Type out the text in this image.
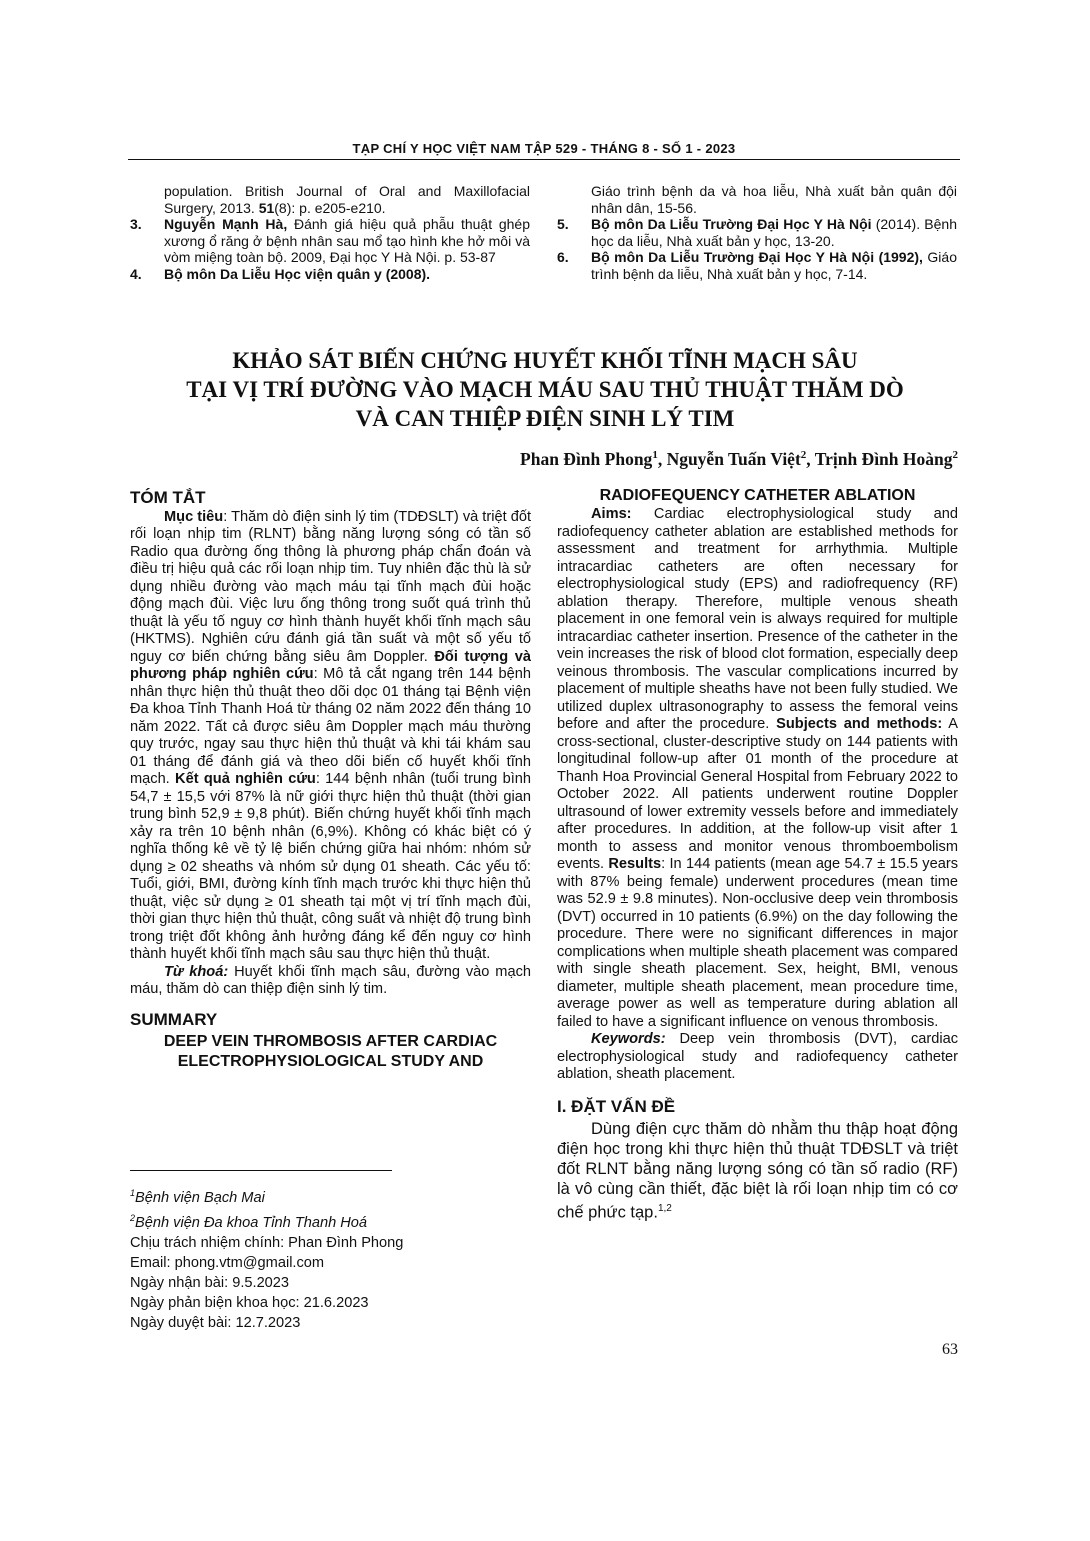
TẠP CHÍ Y HỌC VIỆT NAM TẬP 529 - THÁNG 8 - SỐ 1 - 2023

population. British Journal of Oral and Maxillofacial Surgery, 2013. 51(8): p. e205-e210.

3. Nguyễn Mạnh Hà, Đánh giá hiệu quả phẫu thuật ghép xương ổ răng ở bệnh nhân sau mổ tạo hình khe hở môi và vòm miệng toàn bộ. 2009, Đại học Y Hà Nội. p. 53-87

4. Bộ môn Da Liễu Học viện quân y (2008).

Giáo trình bệnh da và hoa liễu, Nhà xuất bản quân đội nhân dân, 15-56.

5. Bộ môn Da Liễu Trường Đại Học Y Hà Nội (2014). Bệnh học da liễu, Nhà xuất bản y học, 13-20.

6. Bộ môn Da Liễu Trường Đại Học Y Hà Nội (1992), Giáo trình bệnh da liễu, Nhà xuất bản y học, 7-14.

KHẢO SÁT BIẾN CHỨNG HUYẾT KHỐI TĨNH MẠCH SÂU
TẠI VỊ TRÍ ĐƯỜNG VÀO MẠCH MÁU SAU THỦ THUẬT THĂM DÒ
VÀ CAN THIỆP ĐIỆN SINH LÝ TIM
Phan Đình Phong$^1$, Nguyễn Tuấn Việt$^2$, Trịnh Đình Hoàng$^2$

TÓM TẮT

Mục tiêu: Thăm dò điện sinh lý tim (TDĐSLT) và triệt đốt rối loạn nhịp tim (RLNT) bằng năng lượng sóng có tần số Radio qua đường ống thông là phương pháp chẩn đoán và điều trị hiệu quả các rối loạn nhịp tim. Tuy nhiên đặc thù là sử dụng nhiều đường vào mạch máu tại tĩnh mạch đùi hoặc động mạch đùi. Việc lưu ống thông trong suốt quá trình thủ thuật là yếu tố nguy cơ hình thành huyết khối tĩnh mạch sâu (HKTMS). Nghiên cứu đánh giá tần suất và một số yếu tố nguy cơ biến chứng bằng siêu âm Doppler. Đối tượng và phương pháp nghiên cứu: Mô tả cắt ngang trên 144 bệnh nhân thực hiện thủ thuật theo dõi dọc 01 tháng tại Bệnh viện Đa khoa Tỉnh Thanh Hoá từ tháng 02 năm 2022 đến tháng 10 năm 2022. Tất cả được siêu âm Doppler mạch máu thường quy trước, ngay sau thực hiện thủ thuật và khi tái khám sau 01 tháng để đánh giá và theo dõi biến cố huyết khối tĩnh mạch. Kết quả nghiên cứu: 144 bệnh nhân (tuổi trung bình 54,7 ± 15,5 với 87% là nữ giới thực hiện thủ thuật (thời gian trung bình 52,9 ± 9,8 phút). Biến chứng huyết khối tĩnh mạch xảy ra trên 10 bệnh nhân (6,9%). Không có khác biệt có ý nghĩa thống kê về tỷ lệ biến chứng giữa hai nhóm: nhóm sử dụng ≥ 02 sheaths và nhóm sử dụng 01 sheath. Các yếu tố: Tuổi, giới, BMI, đường kính tĩnh mạch trước khi thực hiện thủ thuật, việc sử dụng ≥ 01 sheath tại một vị trí tĩnh mạch đùi, thời gian thực hiện thủ thuật, công suất và nhiệt độ trung bình trong triệt đốt không ảnh hưởng đáng kể đến nguy cơ hình thành huyết khối tĩnh mạch sâu sau thực hiện thủ thuật.

Từ khoá: Huyết khối tĩnh mạch sâu, đường vào mạch máu, thăm dò can thiệp điện sinh lý tim.

SUMMARY

DEEP VEIN THROMBOSIS AFTER CARDIAC

ELECTROPHYSIOLOGICAL STUDY AND

$^1$Bệnh viện Bạch Mai
$^2$Bệnh viện Đa khoa Tỉnh Thanh Hoá
Chịu trách nhiệm chính: Phan Đình Phong
Email: phong.vtm@gmail.com
Ngày nhận bài: 9.5.2023
Ngày phản biện khoa học: 21.6.2023
Ngày duyệt bài: 12.7.2023

RADIOFEQUENCY CATHETER ABLATION

Aims: Cardiac electrophysiological study and radiofequency catheter ablation are established methods for assessment and treatment for arrhythmia. Multiple intracardiac catheters are often necessary for electrophysiological study (EPS) and radiofrequency (RF) ablation therapy. Therefore, multiple venous sheath placement in one femoral vein is always required for multiple intracardiac catheter insertion. Presence of the catheter in the vein increases the risk of blood clot formation, especially deep veinous thrombosis. The vascular complications incurred by placement of multiple sheaths have not been fully studied. We utilized duplex ultrasonography to assess the femoral veins before and after the procedure. Subjects and methods: A cross-sectional, cluster-descriptive study on 144 patients with longitudinal follow-up after 01 month of the procedure at Thanh Hoa Provincial General Hospital from February 2022 to October 2022. All patients underwent routine Doppler ultrasound of lower extremity vessels before and immediately after procedures. In addition, at the follow-up visit after 1 month to assess and monitor venous thromboembolism events. Results: In 144 patients (mean age 54.7 ± 15.5 years with 87% being female) underwent procedures (mean time was 52.9 ± 9.8 minutes). Non-occlusive deep vein thrombosis (DVT) occurred in 10 patients (6.9%) on the day following the procedure. There were no significant differences in major complications when multiple sheath placement was compared with single sheath placement. Sex, height, BMI, venous diameter, multiple sheath placement, mean procedure time, average power as well as temperature during ablation all failed to have a significant influence on venous thrombosis.

Keywords: Deep vein thrombosis (DVT), cardiac electrophysiological study and radiofequency catheter ablation, sheath placement.

I. ĐẶT VẤN ĐỀ

Dùng điện cực thăm dò nhằm thu thập hoạt động điện học trong khi thực hiện thủ thuật TDĐSLT và triệt đốt RLNT bằng năng lượng sóng có tần số radio (RF) là vô cùng cần thiết, đặc biệt là rối loạn nhịp tim có cơ chế phức tạp.$^{1,2}$

63
